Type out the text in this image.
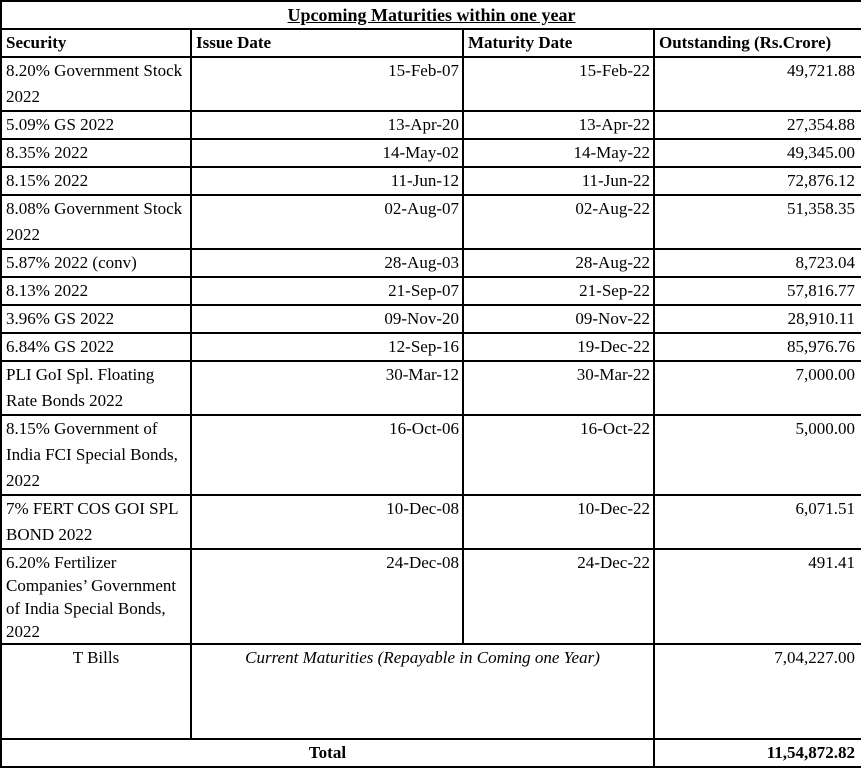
Upcoming Maturities within one year			
Security	Issue Date	Maturity Date	Outstanding (Rs.Crore)
8.20% Government Stock 2022	15-Feb-07	15-Feb-22	49,721.88
5.09% GS 2022	13-Apr-20	13-Apr-22	27,354.88
8.35% 2022	14-May-02	14-May-22	49,345.00
8.15% 2022	11-Jun-12	11-Jun-22	72,876.12
8.08% Government Stock 2022	02-Aug-07	02-Aug-22	51,358.35
5.87% 2022 (conv)	28-Aug-03	28-Aug-22	8,723.04
8.13% 2022	21-Sep-07	21-Sep-22	57,816.77
3.96% GS 2022	09-Nov-20	09-Nov-22	28,910.11
6.84% GS 2022	12-Sep-16	19-Dec-22	85,976.76
PLI GoI Spl. Floating Rate Bonds 2022	30-Mar-12	30-Mar-22	7,000.00
8.15% Government of India FCI Special Bonds, 2022	16-Oct-06	16-Oct-22	5,000.00
7% FERT COS GOI SPL BOND 2022	10-Dec-08	10-Dec-22	6,071.51
6.20% Fertilizer Companies’ Government of India Special Bonds, 2022	24-Dec-08	24-Dec-22	491.41
T Bills	Current Maturities (Repayable in Coming one Year)		7,04,227.00
Total			11,54,872.82
